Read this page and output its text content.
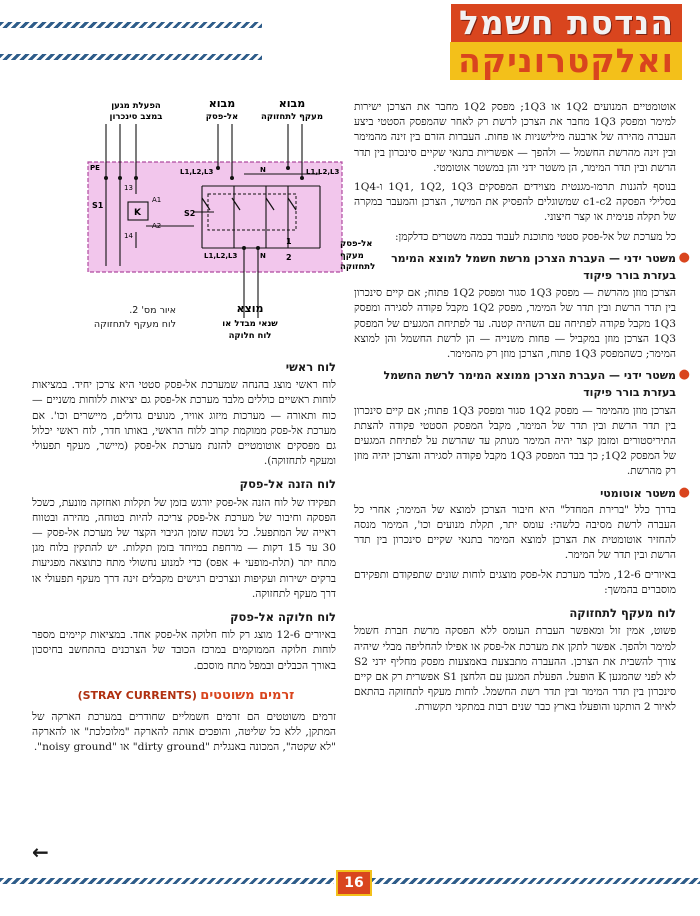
הנדסת חשמל
ואלקטרוניקה
הפעלת מגען
במצב סינכרון
מבוא
אל-פסק
מבוא
מעקף לתחזוקה
PE
13
S1
K
A1
A2
14
L1,L2,L3	N	L1,L2,L3
S2
L1,L2,L3	N
1
2
אל-פסק
מעקף
לתחזוקה
מוצא
שנאי מבדל או
לוח חלוקה
איור מס' 2.
לוח מעקף לתחזוקה

אוטומטיים המנועים 1Q2 או 1Q3; מפסק 1Q2 מחבר את הצרכן ישירות למימר ומפסק 1Q3 מחבר את הצרכן לרשת רק לאחר שהמפסק הסטטי ביצע העברה מהירה של ארבעה מילישניות או פחות. העברות הזרם בין זינה מהמימר ובין זינה מהרשת החשמל — ולהפך — אפשריות בתנאי שקיים סינכרון בין תדר הרשת ובין תדר המימר, הן משטר ידני והן במשטר אוטומטי.

בנוסף להגנות תרמו-מגנטית מצוידים המפסקים 1Q1, 1Q2, 1Q3 ו-1Q4 בסלילי הפסקה c1-c2 שמשוגלים להפסיק את המישר, הצרכן והמעבר במקרה של תקלה פנימית או קצר חיצוני.

כל מערכת של אל-פסק סטטי מתוכנת לעבוד בכמה משטרים כדלקמן:

●
משטר ידני — העברת הצרכן מרשת חשמל למוצא המימר
בעזרת בורר פיקוד

הצרכן מוזן מהרשת — מפסק 1Q3 סגור ומפסק 1Q2 פתוח; אם קיים סינכרון בין תדר הרשת ובין תדר של המימר, מפסק 1Q2 מקבל פקודה לסגירה ומפסק 1Q3 מקבל פקודה לפתיחה עם השהיה קטנה. עד לפתיחת המגעים של המפסק 1Q3 הצרכן מוזן במקביל — פחות משנייה — הן לרשת החשמל והן למוצא המימר; כשהמפסק 1Q3 פתוח, הצרכן מוזן רק מהמימר.

●
משטר ידני — העברת הצרכן ממוצא המימר לרשת החשמל
בעזרת בורר פיקוד

הצרכן מוזן מהמימר — מפסק 1Q2 סגור ומפסק 1Q3 פתוח; אם קיים סינכרון בין תדר הרשת ובין תדר של המימר, מקבל המפסק הסטטי פקודה להצתת התיריסטורים ומזמן קצר יהיה המימר מנותק עד שהרשת על לפתיחת המגעים של המפסק 1Q2; כך בבד המפסק 1Q3 מקבל פקודה לסגירה והצרכן יהיה מוזן רק מהרשת.

●
משטר אוטומטי

בדרך כלל "ברירת המחדל" היא חיבור הצרכן למוצא של המימר; אחרי כל העברה לרשת מסיבה כלשהי: עומס יתר, תקלת מנועים וכו', המימר מנסה להחזיר אוטומטית את הצרכן למוצא המימר בתנאי שקיים סינכרון בין תדר הרשת ובין תדר של המימר.

באיורים 12-6, מלבד מערכת אל-פסק מוצגים לוחות שונים שתפקודם ותפקידם מוסברים בהמשך:

לוח מעקף לתחזוקה

פשוט, אמין זול ומאפשר העברת העומס ללא הפסקה מרשת חברת חשמל למימר ולהפך. אפשר לתקן את מערכת אל-פסק או אפילו להחליפה מבלי שיהיה צורך להשבית את הצרכן. ההעברה מתבצעת באמצעות מפסק מחליף ידני S2 לא לפני שהמגען K הופעל. הפעלת המגען עם הלחצן S1 אפשרית רק אם קיים סינכרון בין תדר המימר ובין תדר רשת החשמל. לוחות מעקף לתחזוקה בהתאם לאיור 2 הותקנו והופעלו בארץ כבר שנים רבות במתקני תקשורת.

לוח ראשי

לוח ראשי מוצג בהנחה שמערכת אל-פסק סטטי היא צרכן יחיד. במציאות לוחות ראשיים כוללים מלבד מערכת אל-פסק גם יציאות ללוחות משניים — כוח ותאורה — מערכות מיזוג אוויר, מנועים גדולים, מיישרים וכו'. אם מערכת אל-פסק ממוקמת קרוב ללוח הראשי, באותו חדר, לוח ראשי יכלול גם מפסקים אוטומטיים להזנת מערכת אל-פסק (מיישר, מעקף תפעולי ומעקף לתחזוקה).

לוח הזנה אל-פסק

תפקידו של לוח הזנה אל-פסק יורגש בזמן של תקלות ואחזקה מונעת, כשכל הפסקה וחיבור של מערכת אל-פסק צריכה להיות בטוחה, מהירה ובטווח ראייה של המתפעל. כל נשכח שזמן הגיבוי הקצר של מערכת אל-פסק — 30 עד 15 דקות — מרחפת במיוחד בזמן תקלות. יש להתקין בלוח מגן מתח יתר (תלת-מופעי + אפס) כדי למנוע נחשולי מתח כתוצאה מפגיעות ברקים ישירות ועקיפות ונצרכים רגישים מקבלים זינה דרך מעקף תפעולי או דרך מעקף לתחזוקה.

לוח חלוקה אל-פסק

באיורים 12-6 מוצג רק לוח חלוקה אל-פסק אחד. במציאות קיימים מספר לוחות חלוקה הממוקמים במרכז הכובד של הצרכנים בהתחשב בחיסכון באורך הכבלים ובמפל מתח מוסכם.

זרמים משוטטים (STRAY CURRENTS)

זרמים משוטטים הם זרמים חשמליים שחודרים במערכת הארקה של המתקן, ללא כל שליטה, והופכים אותה להארקה "מלוכלכת" או להארקה "לא שקטה", המכונה באנגלית "dirty ground" או "noisy ground".

←
16
